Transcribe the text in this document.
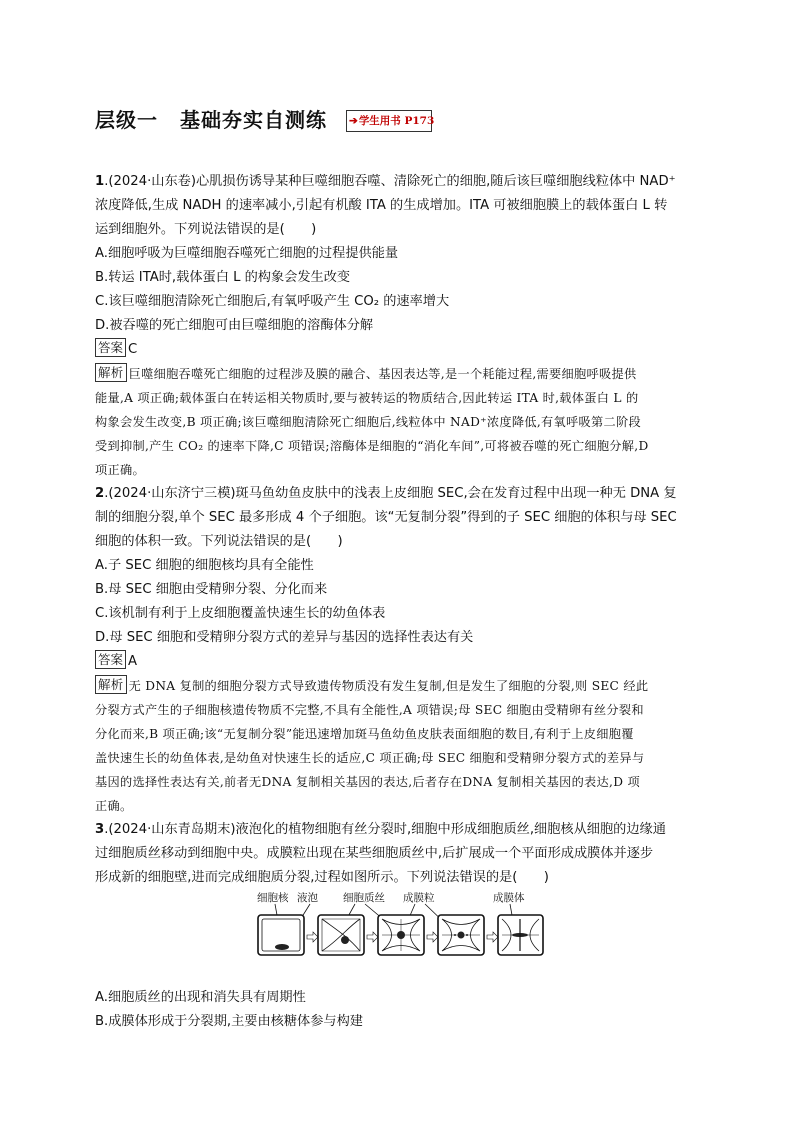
层级一 基础夯实自测练 ➔学生用书 P173
1.(2024·山东卷)心肌损伤诱导某种巨噬细胞吞噬、清除死亡的细胞,随后该巨噬细胞线粒体中 NAD⁺
浓度降低,生成 NADH 的速率减小,引起有机酸 ITA 的生成增加。ITA 可被细胞膜上的载体蛋白 L 转
运到细胞外。下列说法错误的是(　　)
A.细胞呼吸为巨噬细胞吞噬死亡细胞的过程提供能量
B.转运 ITA时,载体蛋白 L 的构象会发生改变
C.该巨噬细胞清除死亡细胞后,有氧呼吸产生 CO₂ 的速率增大
D.被吞噬的死亡细胞可由巨噬细胞的溶酶体分解
答案 C
解析 巨噬细胞吞噬死亡细胞的过程涉及膜的融合、基因表达等,是一个耗能过程,需要细胞呼吸提供
能量,A 项正确;载体蛋白在转运相关物质时,要与被转运的物质结合,因此转运 ITA 时,载体蛋白 L 的
构象会发生改变,B 项正确;该巨噬细胞清除死亡细胞后,线粒体中 NAD⁺浓度降低,有氧呼吸第二阶段
受到抑制,产生 CO₂ 的速率下降,C 项错误;溶酶体是细胞的“消化车间”,可将被吞噬的死亡细胞分解,D
项正确。
2.(2024·山东济宁三模)斑马鱼幼鱼皮肤中的浅表上皮细胞 SEC,会在发育过程中出现一种无 DNA 复
制的细胞分裂,单个 SEC 最多形成 4 个子细胞。该“无复制分裂”得到的子 SEC 细胞的体积与母 SEC
细胞的体积一致。下列说法错误的是(　　)
A.子 SEC 细胞的细胞核均具有全能性
B.母 SEC 细胞由受精卵分裂、分化而来
C.该机制有利于上皮细胞覆盖快速生长的幼鱼体表
D.母 SEC 细胞和受精卵分裂方式的差异与基因的选择性表达有关
答案 A
解析 无 DNA 复制的细胞分裂方式导致遗传物质没有发生复制,但是发生了细胞的分裂,则 SEC 经此
分裂方式产生的子细胞核遗传物质不完整,不具有全能性,A 项错误;母 SEC 细胞由受精卵有丝分裂和
分化而来,B 项正确;该“无复制分裂”能迅速增加斑马鱼幼鱼皮肤表面细胞的数目,有利于上皮细胞覆
盖快速生长的幼鱼体表,是幼鱼对快速生长的适应,C 项正确;母 SEC 细胞和受精卵分裂方式的差异与
基因的选择性表达有关,前者无DNA 复制相关基因的表达,后者存在DNA 复制相关基因的表达,D 项
正确。
3.(2024·山东青岛期末)液泡化的植物细胞有丝分裂时,细胞中形成细胞质丝,细胞核从细胞的边缘通
过细胞质丝移动到细胞中央。成膜粒出现在某些细胞质丝中,后扩展成一个平面形成成膜体并逐步
形成新的细胞壁,进而完成细胞质分裂,过程如图所示。下列说法错误的是(　　)
A.细胞质丝的出现和消失具有周期性
B.成膜体形成于分裂期,主要由核糖体参与构建
细胞核 液泡 细胞质丝 成膜粒	成膜体
